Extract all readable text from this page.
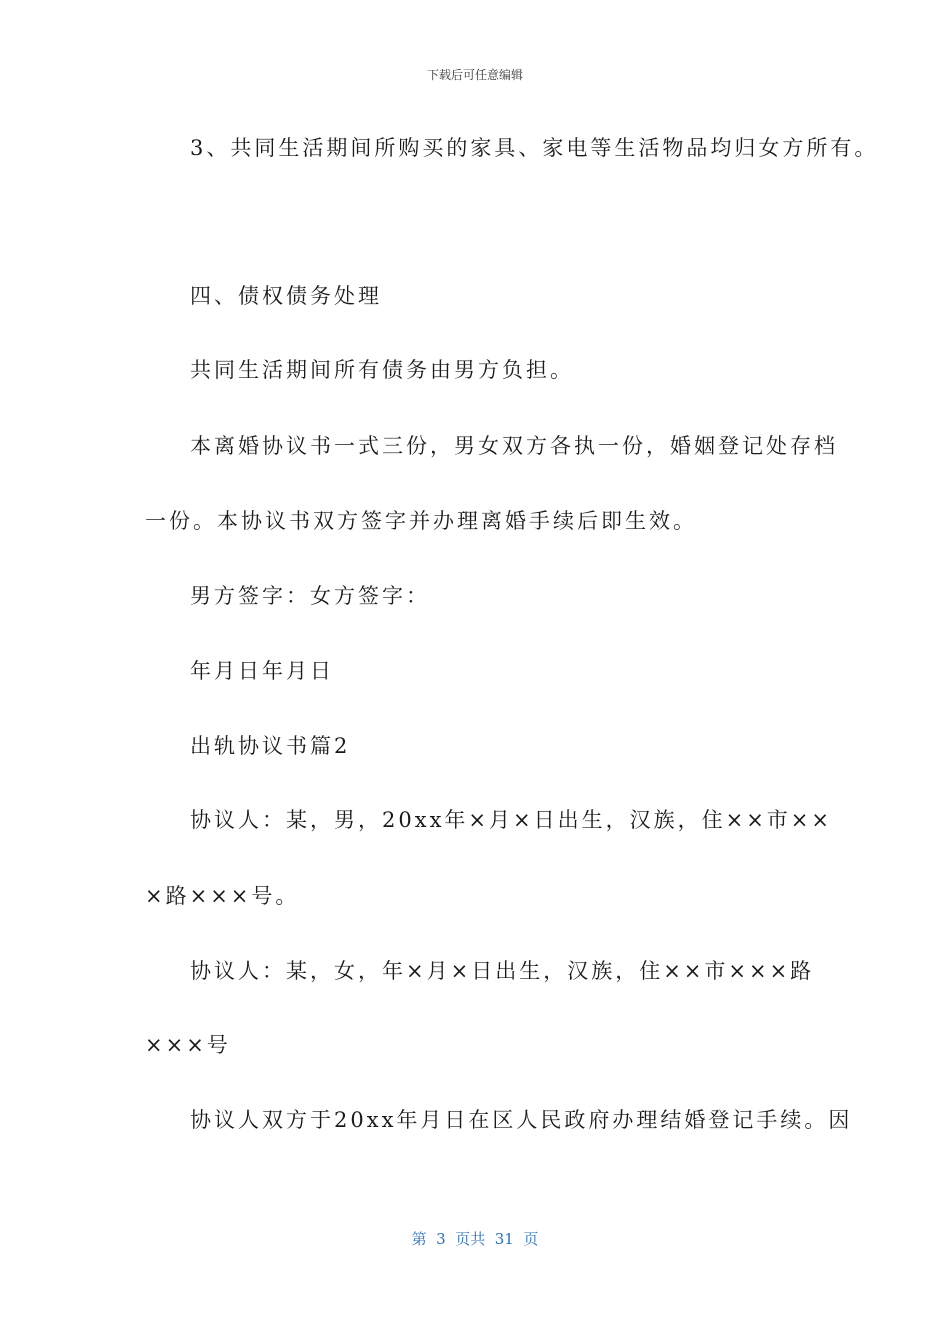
下载后可任意编辑
3、共同生活期间所购买的家具、家电等生活物品均归女方所有。
四、债权债务处理
共同生活期间所有债务由男方负担。
本离婚协议书一式三份，男女双方各执一份，婚姻登记处存档
一份。本协议书双方签字并办理离婚手续后即生效。
男方签字：女方签字：
年月日年月日
出轨协议书篇2
协议人：某，男，20xx年×月×日出生，汉族，住××市××
×路×××号。
协议人：某，女，年×月×日出生，汉族，住××市×××路
×××号
协议人双方于20xx年月日在区人民政府办理结婚登记手续。因
第  3  页共  31  页
